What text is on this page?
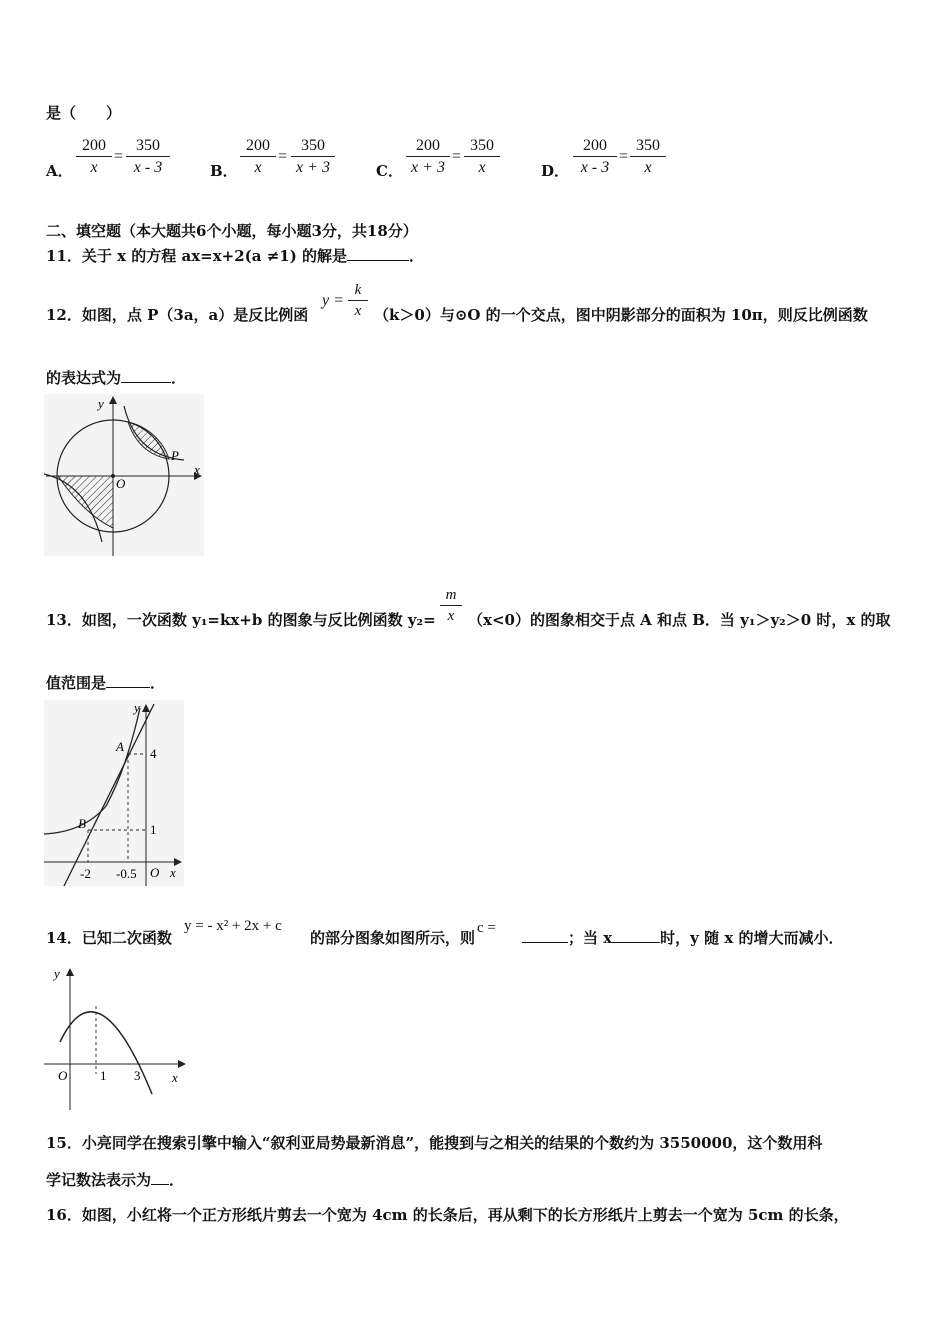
是（　　）
A． $\frac{200}{x} = \frac{350}{x - 3}$	B． $\frac{200}{x} = \frac{350}{x + 3}$	C． $\frac{200}{x + 3} = \frac{350}{x}$	D． $\frac{200}{x - 3} = \frac{350}{x}$
二、填空题（本大题共6个小题，每小题3分，共18分）
11．关于 x 的方程 ax=x+2(a ≠1) 的解是	．
12．如图，点 P（3a，a）是反比例函
$y = \frac{k}{x} (k>0)$与⊙O 的一个交点，图中阴影部分的面积为 10π，则反比例函数
的表达式为	．
y
x
O
P
13．如图，一次函数 y₁=kx+b 的图象与反比例函数 $y_2= \frac{m}{x} (x<0)$的图象相交于点 A 和点 B．当 y₁＞y₂＞0 时，x 的取
值范围是	．
y
x
O
A
B
4
1
-2 -0.5
14．已知二次函数
y = - x² + 2x + c
的部分图象如图所示，则
c =
；当 x	时，y 随 x 的增大而减小．
y
x
O	1 3
15．小亮同学在搜索引擎中输入“叙利亚局势最新消息”，能搜到与之相关的结果的个数约为 3550000，这个数用科
学记数法表示为 ．
16．如图，小红将一个正方形纸片剪去一个宽为 4cm 的长条后，再从剩下的长方形纸片上剪去一个宽为 5cm 的长条，
